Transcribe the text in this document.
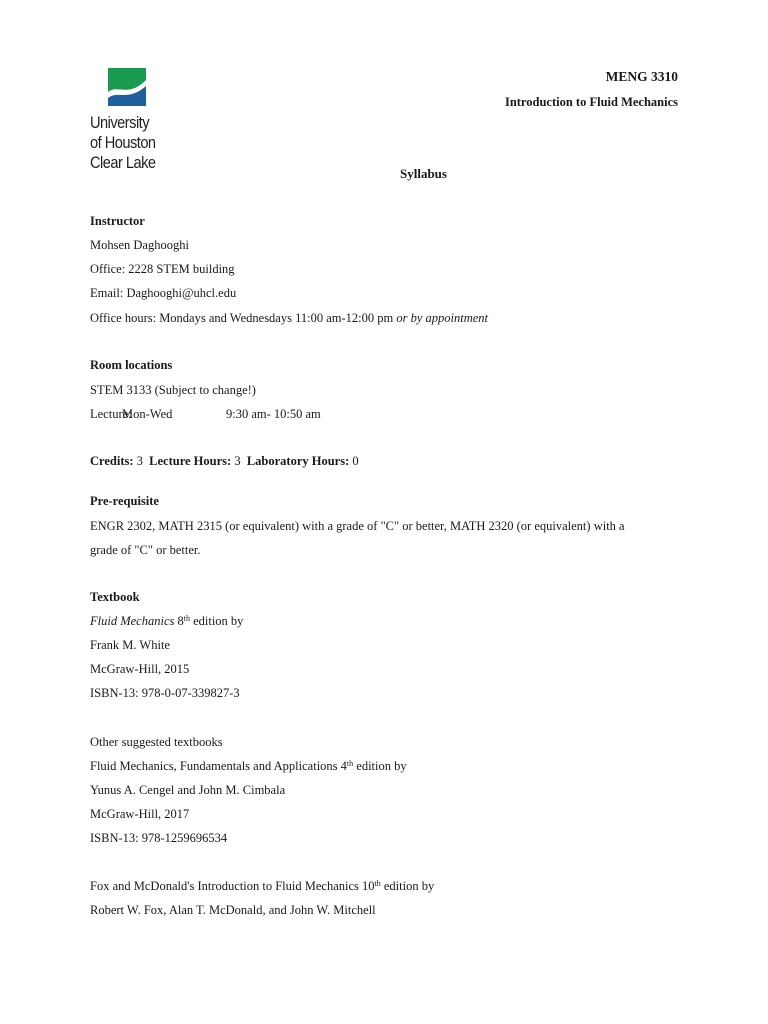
University
of Houston
Clear Lake
MENG 3310
Introduction to Fluid Mechanics
Syllabus
Instructor
Mohsen Daghooghi
Office: 2228 STEM building
Email: Daghooghi@uhcl.edu
Office hours: Mondays and Wednesdays 11:00 am-12:00 pm or by appointment
Room locations
STEM 3133 (Subject to change!)
Lecture:
Mon-Wed	9:30 am- 10:50 am
Credits: 3 Lecture Hours: 3 Laboratory Hours: 0
Pre-requisite
ENGR 2302, MATH 2315 (or equivalent) with a grade of "C" or better, MATH 2320 (or equivalent) with a
grade of "C" or better.
Textbook
Fluid Mechanics 8th edition by
Frank M. White
McGraw-Hill, 2015
ISBN-13: 978-0-07-339827-3
Other suggested textbooks
Fluid Mechanics, Fundamentals and Applications 4th edition by
Yunus A. Cengel and John M. Cimbala
McGraw-Hill, 2017
ISBN-13: 978-1259696534
Fox and McDonald's Introduction to Fluid Mechanics 10th edition by
Robert W. Fox, Alan T. McDonald, and John W. Mitchell
